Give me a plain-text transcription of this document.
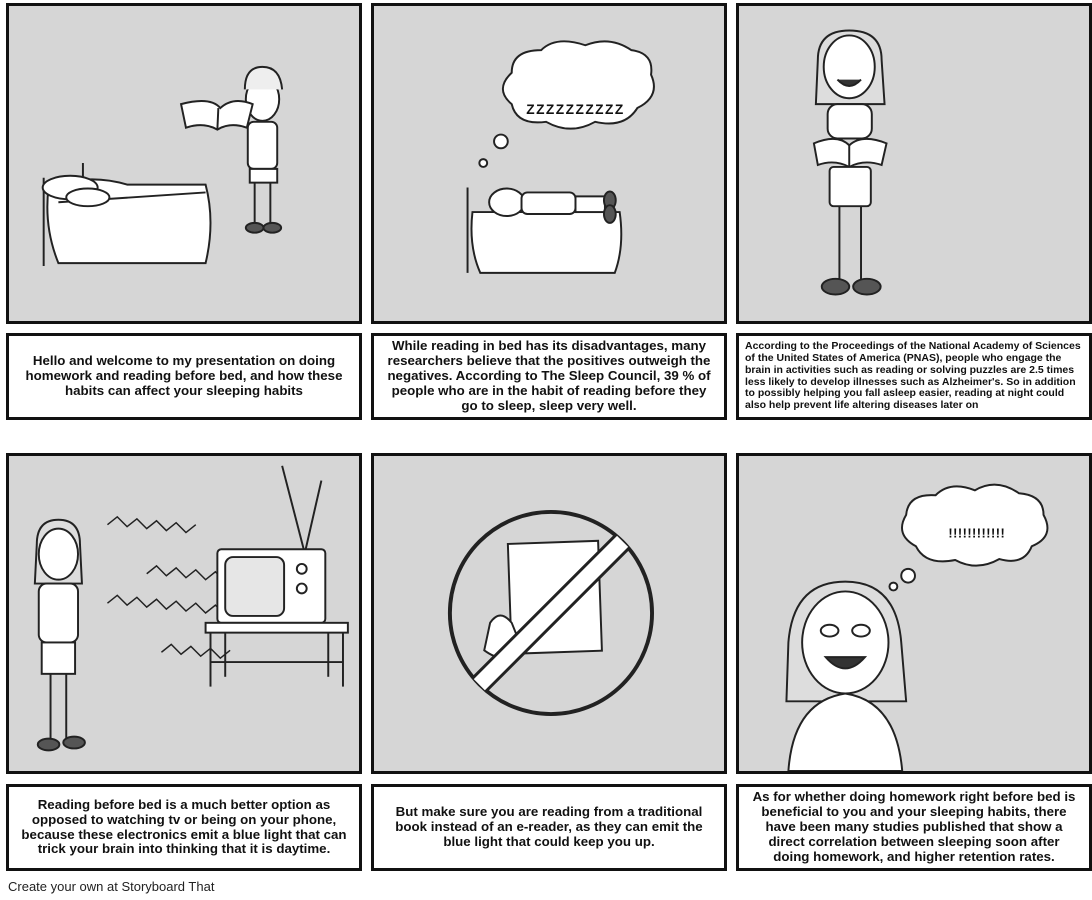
ZZZZZZZZZZ
Hello and welcome to my presentation on doing homework and reading before bed, and how these habits can affect your sleeping habits
While reading in bed has its disadvantages, many researchers believe that the positives outweigh the negatives. According to The Sleep Council, 39 % of people who are in the habit of reading before they go to sleep, sleep very well.
According to the Proceedings of the National Academy of Sciences of the United States of America (PNAS), people who engage the brain in activities such as reading or solving puzzles are 2.5 times less likely to develop illnesses such as Alzheimer's. So in addition to possibly helping you fall asleep easier, reading at night could also help prevent life altering diseases later on
!!!!!!!!!!!!
Reading before bed is a much better option as opposed to watching tv or being on your phone, because these electronics emit a blue light that can trick your brain into thinking that it is daytime.
But make sure you are reading from a traditional book instead of an e-reader, as they can emit the blue light that could keep you up.
As for whether doing homework right before bed is beneficial to you and your sleeping habits, there have been many studies published that show a direct correlation between sleeping soon after doing homework, and higher retention rates.
Create your own at Storyboard That
